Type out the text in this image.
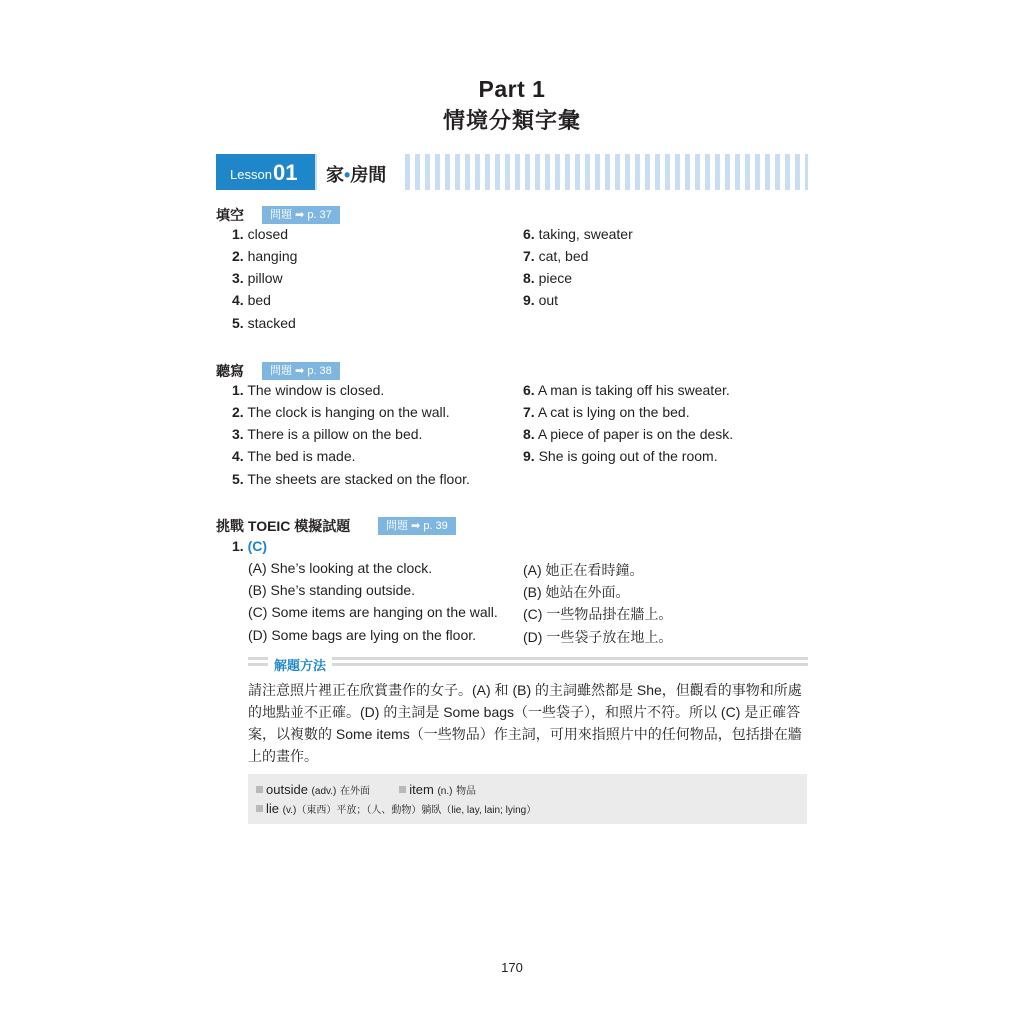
Part 1
情境分類字彙
Lesson 01 家•房間
填空	問題 ➡ p. 37
1. closed
2. hanging
3. pillow
4. bed
5. stacked
6. taking, sweater
7. cat, bed
8. piece
9. out
聽寫	問題 ➡ p. 38
1. The window is closed.
2. The clock is hanging on the wall.
3. There is a pillow on the bed.
4. The bed is made.
5. The sheets are stacked on the floor.
6. A man is taking off his sweater.
7. A cat is lying on the bed.
8. A piece of paper is on the desk.
9. She is going out of the room.
挑戰 TOEIC 模擬試題	問題 ➡ p. 39
1. (C)
(A) She’s looking at the clock.
(B) She’s standing outside.
(C) Some items are hanging on the wall.
(D) Some bags are lying on the floor.
(A) 她正在看時鐘。
(B) 她站在外面。
(C) 一些物品掛在牆上。
(D) 一些袋子放在地上。
解題方法
請注意照片裡正在欣賞畫作的女子。(A) 和 (B) 的主詞雖然都是 She，但觀看的事物和所處的地點並不正確。(D) 的主詞是 Some bags（一些袋子），和照片不符。所以 (C) 是正確答案，以複數的 Some items（一些物品）作主詞，可用來指照片中的任何物品，包括掛在牆上的畫作。
outside (adv.) 在外面	item (n.) 物品
lie (v.)（東西）平放；（人、動物）躺臥（lie, lay, lain; lying）
170
